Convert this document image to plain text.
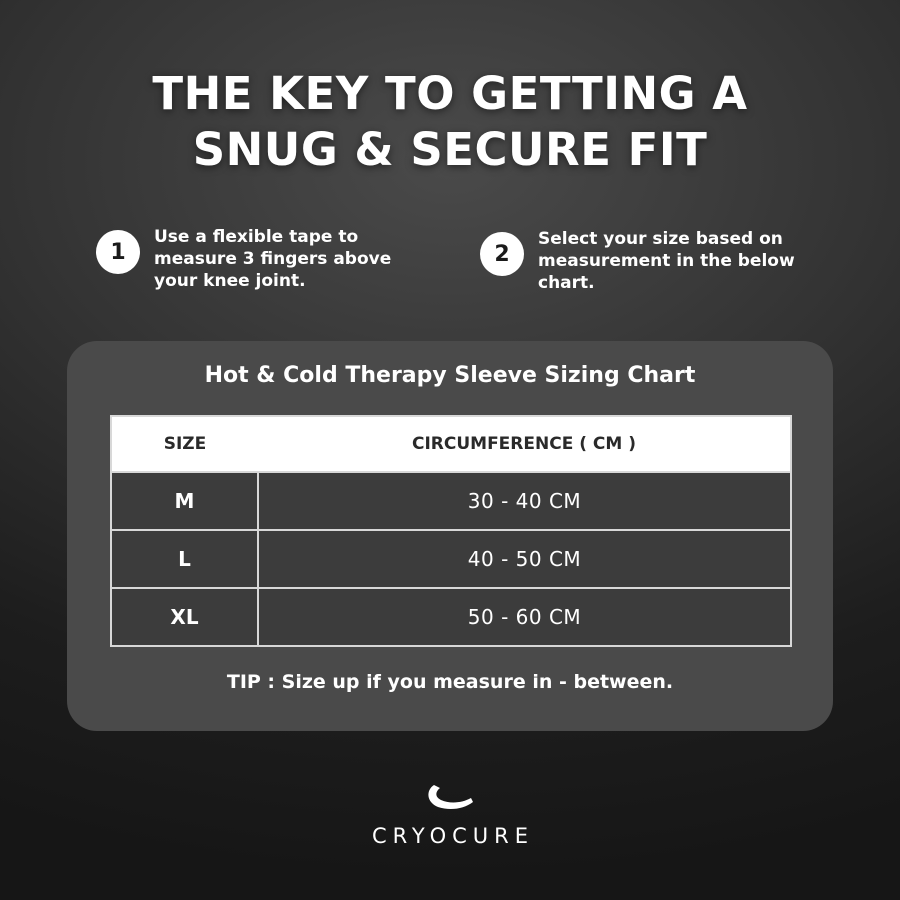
THE KEY TO GETTING A
SNUG & SECURE FIT
1
Use a flexible tape to
measure 3 fingers above
your knee joint.
2
Select your size based on
measurement in the below
chart.
Hot & Cold Therapy Sleeve Sizing Chart
SIZE	CIRCUMFERENCE ( CM )
M	30 - 40 CM
L	40 - 50 CM
XL	50 - 60 CM
TIP : Size up if you measure in - between.
CRYOCURE
